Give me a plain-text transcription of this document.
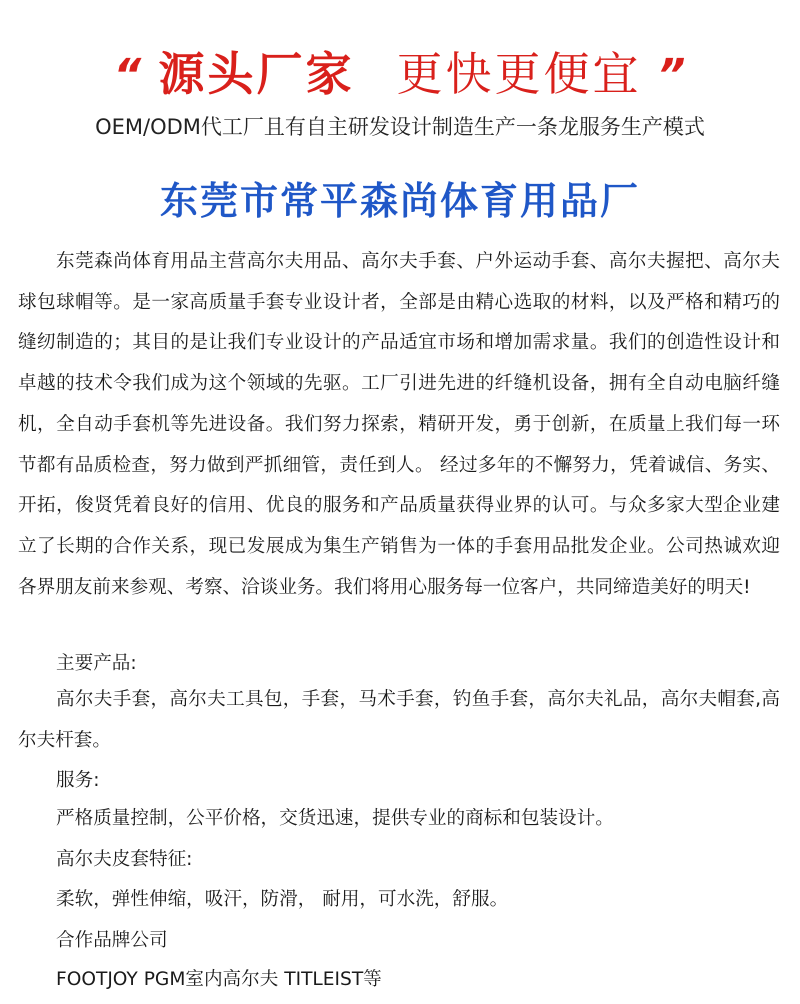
“ 源头厂家 更快更便宜 ”
OEM/ODM代工厂且有自主研发设计制造生产一条龙服务生产模式
东莞市常平森尚体育用品厂

东莞森尚体育用品主营高尔夫用品、高尔夫手套、户外运动手套、高尔夫握把、高尔夫球包球帽等。是一家高质量手套专业设计者，全部是由精心选取的材料，以及严格和精巧的缝纫制造的；其目的是让我们专业设计的产品适宜市场和增加需求量。我们的创造性设计和卓越的技术令我们成为这个领域的先驱。工厂引进先进的纤缝机设备，拥有全自动电脑纤缝机，全自动手套机等先进设备。我们努力探索，精研开发，勇于创新，在质量上我们每一环节都有品质检查，努力做到严抓细管，责任到人。 经过多年的不懈努力，凭着诚信、务实、开拓，俊贤凭着良好的信用、优良的服务和产品质量获得业界的认可。与众多家大型企业建立了长期的合作关系，现已发展成为集生产销售为一体的手套用品批发企业。公司热诚欢迎各界朋友前来参观、考察、洽谈业务。我们将用心服务每一位客户，共同缔造美好的明天!

主要产品:

高尔夫手套，高尔夫工具包，手套，马术手套，钓鱼手套，高尔夫礼品，高尔夫帽套,高尔夫杆套。

服务:

严格质量控制，公平价格，交货迅速，提供专业的商标和包装设计。

高尔夫皮套特征:

柔软，弹性伸缩，吸汗，防滑， 耐用，可水洗，舒服。

合作品牌公司

FOOTJOY PGM室内高尔夫 TITLEIST等
